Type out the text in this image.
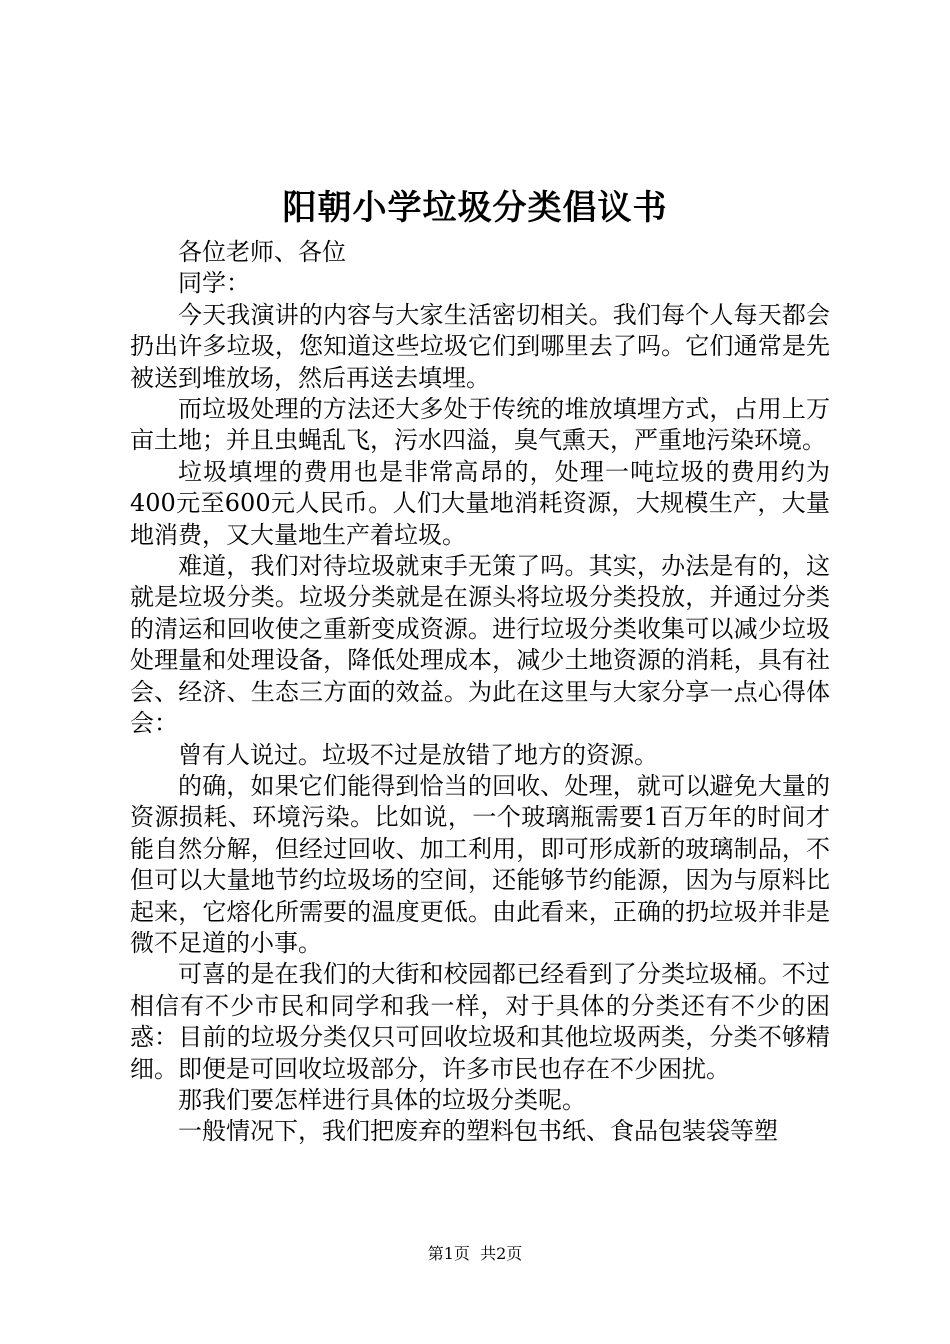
阳朝小学垃圾分类倡议书

各位老师、各位

同学：

今天我演讲的内容与大家生活密切相关。我们每个人每天都会扔出许多垃圾，您知道这些垃圾它们到哪里去了吗。它们通常是先被送到堆放场，然后再送去填埋。

而垃圾处理的方法还大多处于传统的堆放填埋方式，占用上万亩土地；并且虫蝇乱飞，污水四溢，臭气熏天，严重地污染环境。

垃圾填埋的费用也是非常高昂的，处理一吨垃圾的费用约为400元至600元人民币。人们大量地消耗资源，大规模生产，大量地消费，又大量地生产着垃圾。

难道，我们对待垃圾就束手无策了吗。其实，办法是有的，这就是垃圾分类。垃圾分类就是在源头将垃圾分类投放，并通过分类的清运和回收使之重新变成资源。进行垃圾分类收集可以减少垃圾处理量和处理设备，降低处理成本，减少土地资源的消耗，具有社会、经济、生态三方面的效益。为此在这里与大家分享一点心得体会：

曾有人说过。垃圾不过是放错了地方的资源。

的确，如果它们能得到恰当的回收、处理，就可以避免大量的资源损耗、环境污染。比如说，一个玻璃瓶需要1百万年的时间才能自然分解，但经过回收、加工利用，即可形成新的玻璃制品，不但可以大量地节约垃圾场的空间，还能够节约能源，因为与原料比起来，它熔化所需要的温度更低。由此看来，正确的扔垃圾并非是微不足道的小事。

可喜的是在我们的大街和校园都已经看到了分类垃圾桶。不过相信有不少市民和同学和我一样，对于具体的分类还有不少的困惑：目前的垃圾分类仅只可回收垃圾和其他垃圾两类，分类不够精细。即便是可回收垃圾部分，许多市民也存在不少困扰。

那我们要怎样进行具体的垃圾分类呢。

一般情况下，我们把废弃的塑料包书纸、食品包装袋等塑

第1页 共2页
